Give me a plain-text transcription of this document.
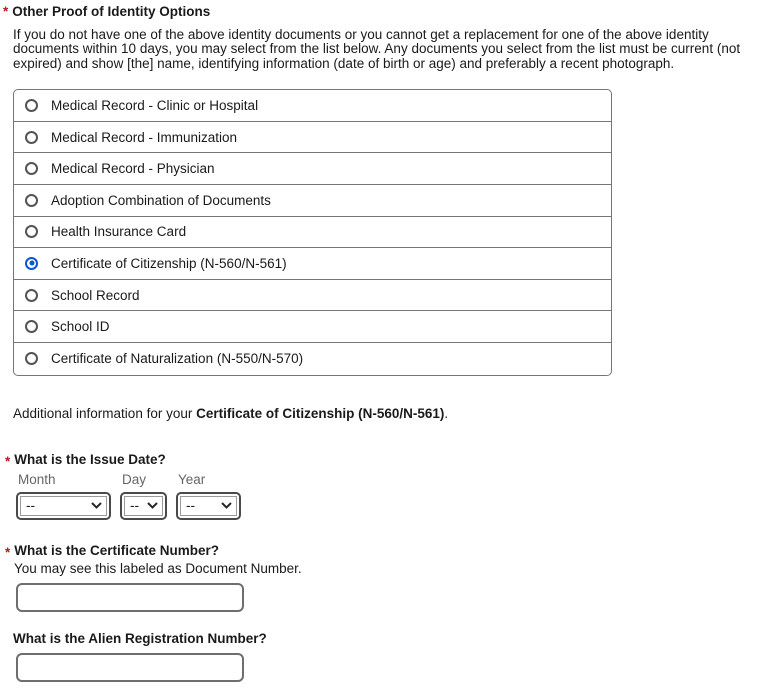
* Other Proof of Identity Options

If you do not have one of the above identity documents or you cannot get a replacement for one of the above identity documents within 10 days, you may select from the list below. Any documents you select from the list must be current (not expired) and show [the] name, identifying information (date of birth or age) and preferably a recent photograph.

Medical Record - Clinic or Hospital
Medical Record - Immunization
Medical Record - Physician
Adoption Combination of Documents
Health Insurance Card
Certificate of Citizenship (N-560/N-561)
School Record
School ID
Certificate of Naturalization (N-550/N-570)

Additional information for your Certificate of Citizenship (N-560/N-561).

* What is the Issue Date?
Month
--
Day
--
Year
--
* What is the Certificate Number?
You may see this labeled as Document Number.
What is the Alien Registration Number?
